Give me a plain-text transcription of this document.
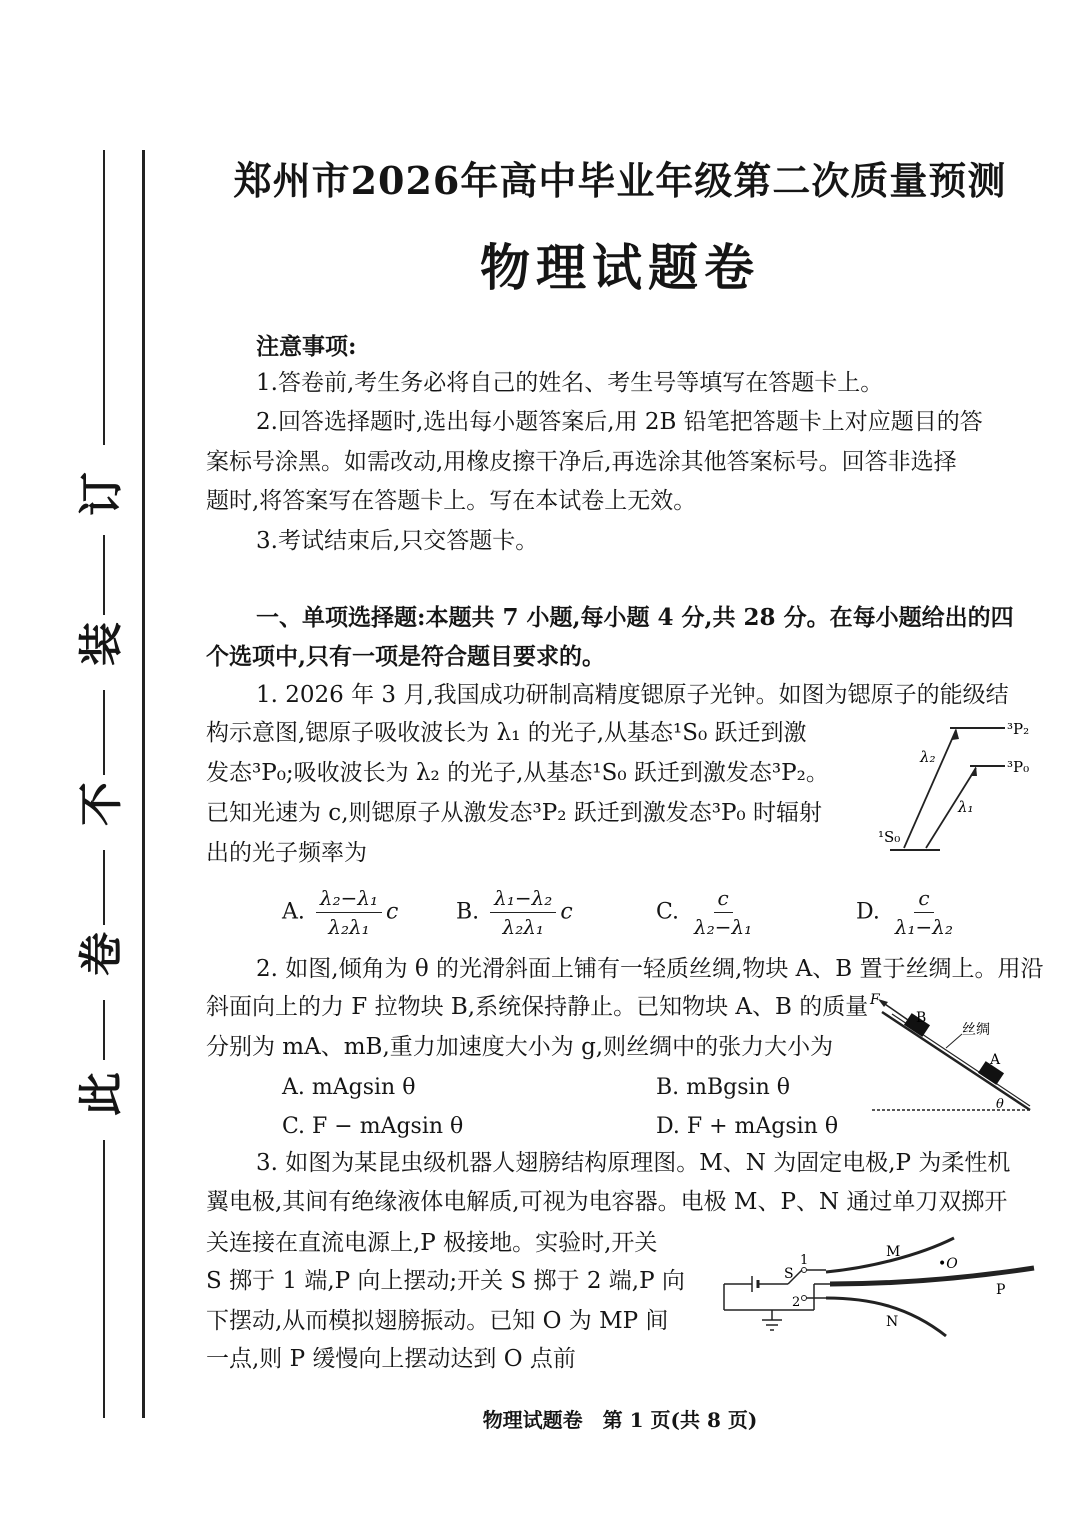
订
装
不
卷
此
郑州市2026年高中毕业年级第二次质量预测
物理试题卷
注意事项:
1.答卷前,考生务必将自己的姓名、考生号等填写在答题卡上。
2.回答选择题时,选出每小题答案后,用 2B 铅笔把答题卡上对应题目的答
案标号涂黑。如需改动,用橡皮擦干净后,再选涂其他答案标号。回答非选择
题时,将答案写在答题卡上。写在本试卷上无效。
3.考试结束后,只交答题卡。
一、单项选择题:本题共 7 小题,每小题 4 分,共 28 分。在每小题给出的四
个选项中,只有一项是符合题目要求的。
1. 2026 年 3 月,我国成功研制高精度锶原子光钟。如图为锶原子的能级结
构示意图,锶原子吸收波长为 λ₁ 的光子,从基态¹S₀ 跃迁到激
发态³P₀;吸收波长为 λ₂ 的光子,从基态¹S₀ 跃迁到激发态³P₂。
已知光速为 c,则锶原子从激发态³P₂ 跃迁到激发态³P₀ 时辐射
出的光子频率为
³P₂
³P₀
¹S₀
λ₂
λ₁
A. $\frac{\text{λ₂−λ₁}}{\text{λ₂λ₁}}$ c	B. $\frac{\text{λ₁−λ₂}}{\text{λ₂λ₁}}$ c	C. $\frac{c}{\text{λ₂−λ₁}}$	D. $\frac{c}{\text{λ₁−λ₂}}$
2. 如图,倾角为 θ 的光滑斜面上铺有一轻质丝绸,物块 A、B 置于丝绸上。用沿
斜面向上的力 F 拉物块 B,系统保持静止。已知物块 A、B 的质量
分别为 mA、mB,重力加速度大小为 g,则丝绸中的张力大小为
A. mAgsin θ	B. mBgsin θ
C. F − mAgsin θ	D. F + mAgsin θ
F
B
A
丝绸
θ
3. 如图为某昆虫级机器人翅膀结构原理图。M、N 为固定电极,P 为柔性机
翼电极,其间有绝缘液体电解质,可视为电容器。电极 M、P、N 通过单刀双掷开
关连接在直流电源上,P 极接地。实验时,开关
S 掷于 1 端,P 向上摆动;开关 S 掷于 2 端,P 向
下摆动,从而模拟翅膀振动。已知 O 为 MP 间
一点,则 P 缓慢向上摆动达到 O 点前
M
•O
P
N
S
1
2
物理试题卷　第 1 页(共 8 页)
